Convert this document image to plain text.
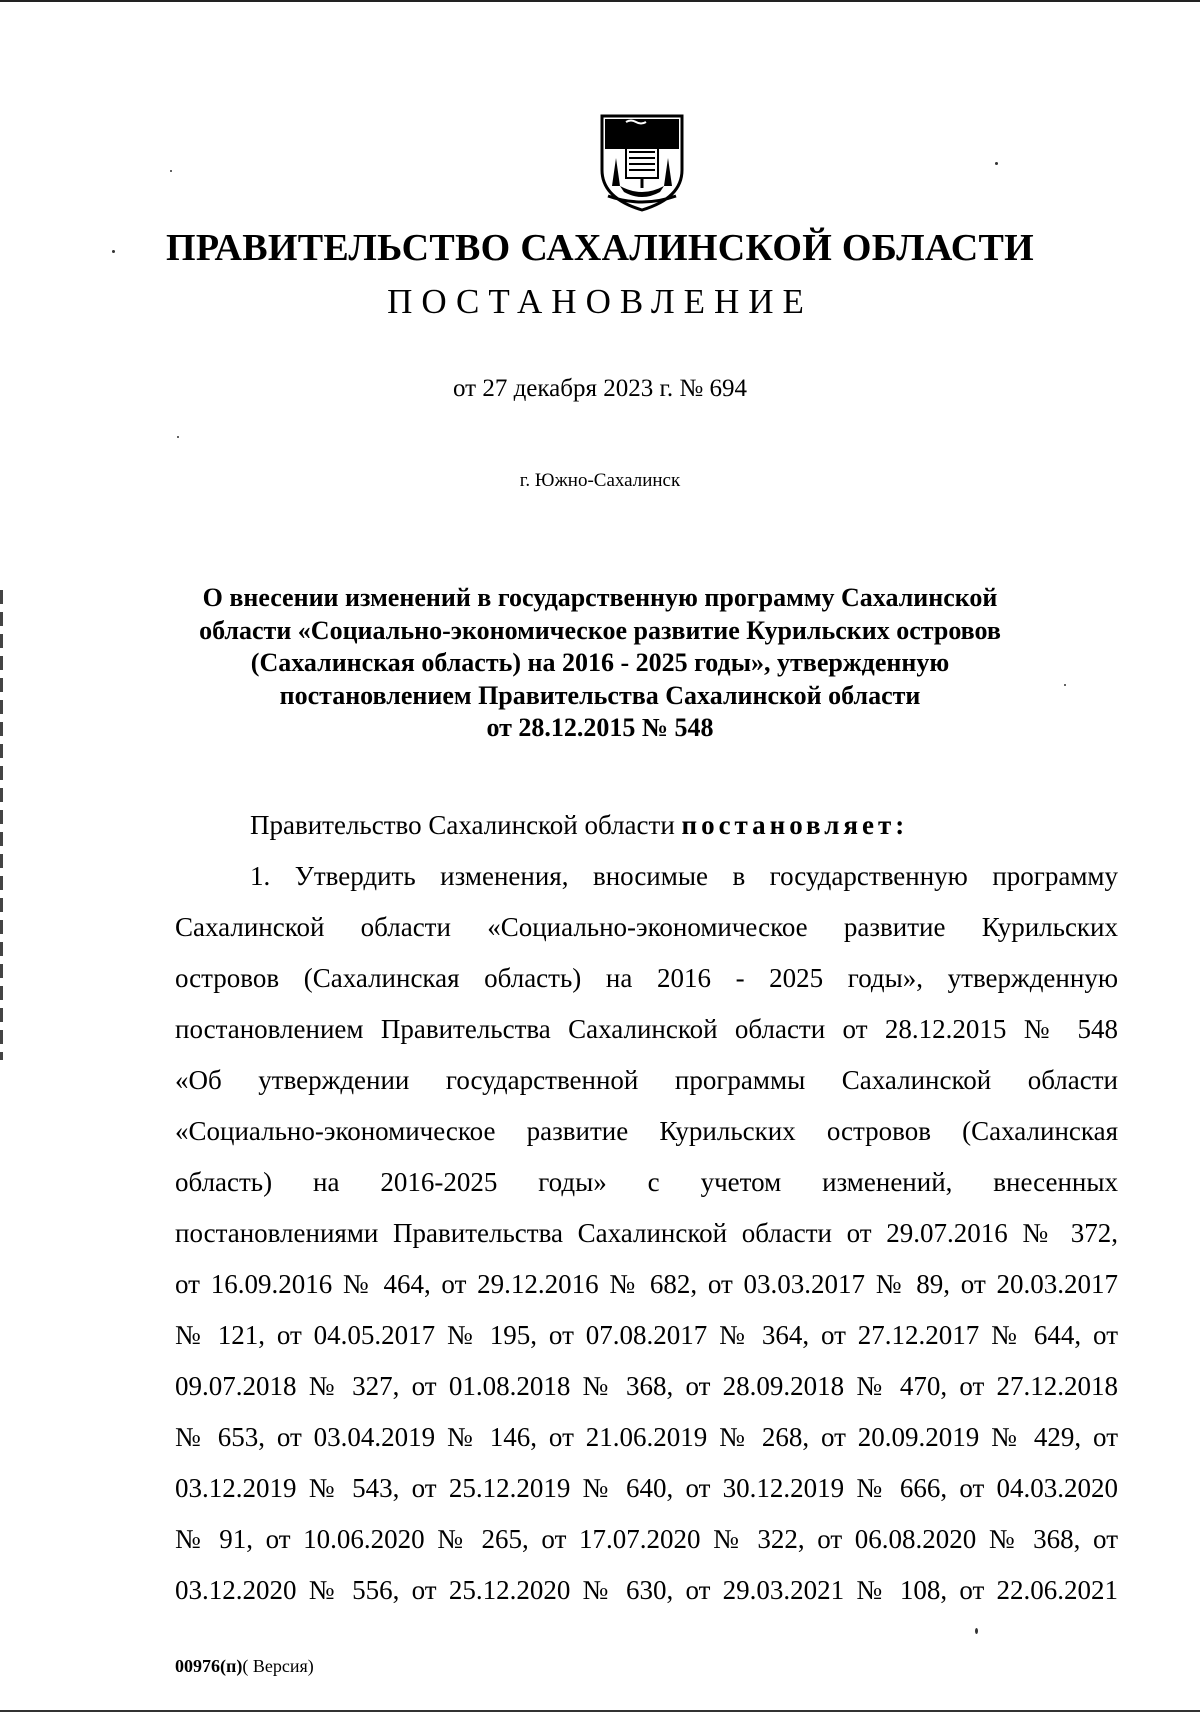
ПРАВИТЕЛЬСТВО САХАЛИНСКОЙ ОБЛАСТИ
ПОСТАНОВЛЕНИЕ
от 27 декабря 2023 г. № 694
г. Южно-Сахалинск
О внесении изменений в государственную программу Сахалинской
области «Социально-экономическое развитие Курильских островов
(Сахалинская область) на 2016 - 2025 годы», утвержденную
постановлением Правительства Сахалинской области
от 28.12.2015 № 548
Правительство Сахалинской области постановляет:
1. Утвердить изменения, вносимые в государственную программу
Сахалинской области «Социально-экономическое развитие Курильских
островов (Сахалинская область) на 2016 - 2025 годы», утвержденную
постановлением Правительства Сахалинской области от 28.12.2015 № 548
«Об утверждении государственной программы Сахалинской области
«Социально-экономическое развитие Курильских островов (Сахалинская
область) на 2016-2025 годы» с учетом изменений, внесенных
постановлениями Правительства Сахалинской области от 29.07.2016 № 372,
от 16.09.2016 № 464, от 29.12.2016 № 682, от 03.03.2017 № 89, от 20.03.2017
№ 121, от 04.05.2017 № 195, от 07.08.2017 № 364, от 27.12.2017 № 644, от
09.07.2018 № 327, от 01.08.2018 № 368, от 28.09.2018 № 470, от 27.12.2018
№ 653, от 03.04.2019 № 146, от 21.06.2019 № 268, от 20.09.2019 № 429, от
03.12.2019 № 543, от 25.12.2019 № 640, от 30.12.2019 № 666, от 04.03.2020
№ 91, от 10.06.2020 № 265, от 17.07.2020 № 322, от 06.08.2020 № 368, от
03.12.2020 № 556, от 25.12.2020 № 630, от 29.03.2021 № 108, от 22.06.2021
00976(п)( Версия)
